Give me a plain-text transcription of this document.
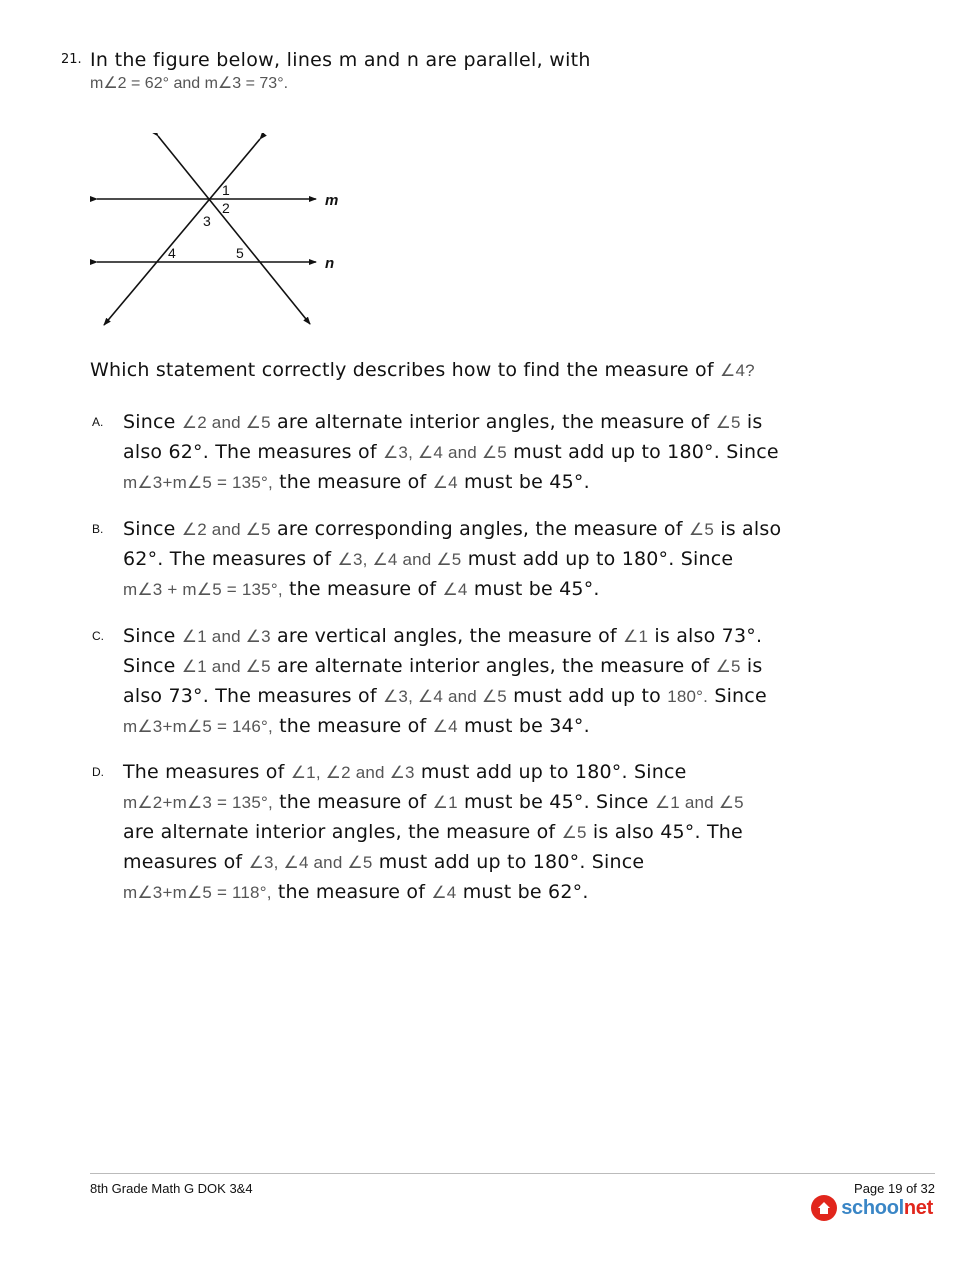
21. In the figure below, lines m and n are parallel, with
m∠2 = 62° and m∠3 = 73°.
1
2
3
4	5
m
n
Which statement correctly describes how to find the measure of ∠4?
A. Since ∠2 and ∠5 are alternate interior angles, the measure of ∠5 is
also 62°. The measures of ∠3, ∠4 and ∠5 must add up to 180°. Since
m∠3+m∠5 = 135°, the measure of ∠4 must be 45°.
B. Since ∠2 and ∠5 are corresponding angles, the measure of ∠5 is also
62°. The measures of ∠3, ∠4 and ∠5 must add up to 180°. Since
m∠3 + m∠5 = 135°, the measure of ∠4 must be 45°.
C. Since ∠1 and ∠3 are vertical angles, the measure of ∠1 is also 73°.
Since ∠1 and ∠5 are alternate interior angles, the measure of ∠5 is
also 73°. The measures of ∠3, ∠4 and ∠5 must add up to 180°. Since
m∠3+m∠5 = 146°, the measure of ∠4 must be 34°.
D. The measures of ∠1, ∠2 and ∠3 must add up to 180°. Since
m∠2+m∠3 = 135°, the measure of ∠1 must be 45°. Since ∠1 and ∠5
are alternate interior angles, the measure of ∠5 is also 45°. The
measures of ∠3, ∠4 and ∠5 must add up to 180°. Since
m∠3+m∠5 = 118°, the measure of ∠4 must be 62°.
8th Grade Math G DOK 3&4	Page 19 of 32
schoolnet
